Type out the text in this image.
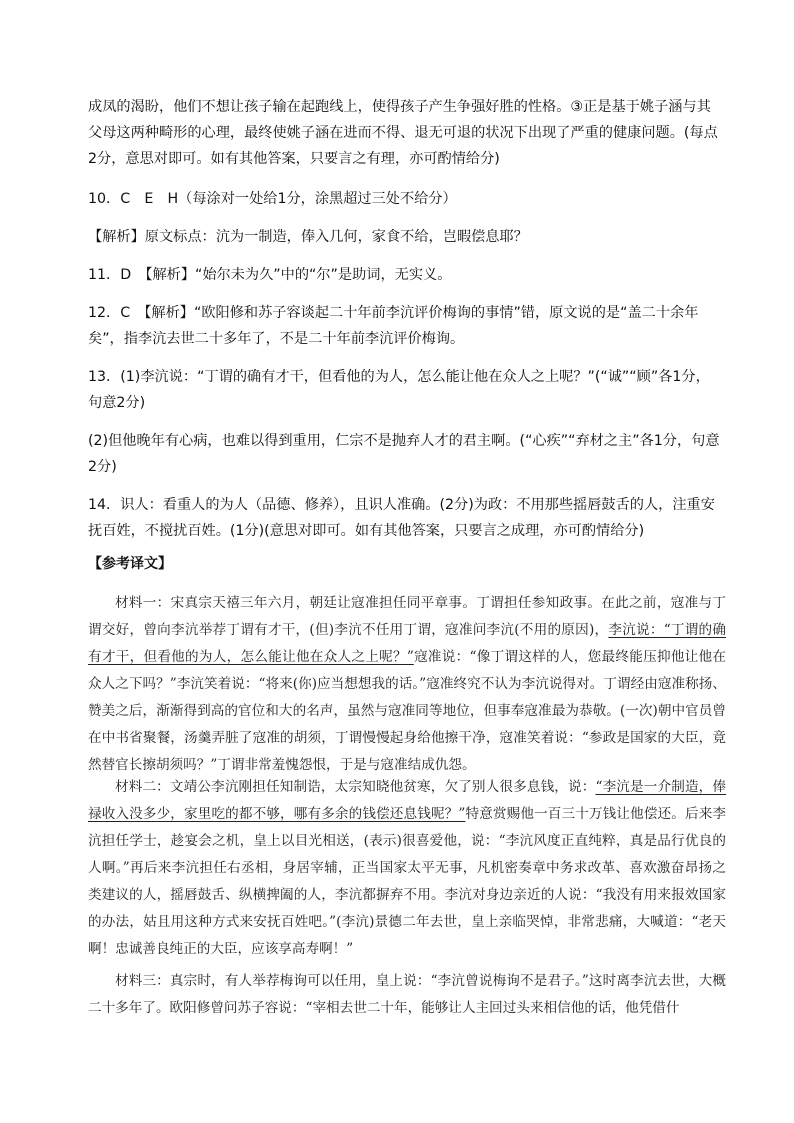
成凤的渴盼，他们不想让孩子输在起跑线上，使得孩子产生争强好胜的性格。③正是基于姚子涵与其父母这两种畸形的心理，最终使姚子涵在进而不得、退无可退的状况下出现了严重的健康问题。(每点2分，意思对即可。如有其他答案，只要言之有理，亦可酌情给分)

10．C　E　H（每涂对一处给1分，涂黑超过三处不给分）

【解析】原文标点：沆为一制造，俸入几何，家食不给，岂暇偿息耶？

11．D　【解析】“始尔未为久”中的“尔”是助词，无实义。

12．C　【解析】“欧阳修和苏子容谈起二十年前李沆评价梅询的事情”错，原文说的是“盖二十余年矣”，指李沆去世二十多年了，不是二十年前李沆评价梅询。

13．(1)李沆说：“丁谓的确有才干，但看他的为人，怎么能让他在众人之上呢？”(“诚”“顾”各1分，句意2分)

(2)但他晚年有心病，也难以得到重用，仁宗不是抛弃人才的君主啊。(“心疾”“弃材之主”各1分，句意2分)

14．识人：看重人的为人（品德、修养），且识人准确。(2分)为政：不用那些摇唇鼓舌的人，注重安抚百姓，不搅扰百姓。(1分)(意思对即可。如有其他答案，只要言之成理，亦可酌情给分)

【参考译文】

材料一：宋真宗天禧三年六月，朝廷让寇准担任同平章事。丁谓担任参知政事。在此之前，寇准与丁谓交好，曾向李沆举荐丁谓有才干，(但)李沆不任用丁谓，寇准问李沆(不用的原因)，李沆说：“丁谓的确有才干，但看他的为人，怎么能让他在众人之上呢？”寇准说：“像丁谓这样的人，您最终能压抑他让他在众人之下吗？”李沆笑着说：“将来(你)应当想想我的话。”寇准终究不认为李沆说得对。丁谓经由寇准称扬、赞美之后，渐渐得到高的官位和大的名声，虽然与寇准同等地位，但事奉寇准最为恭敬。(一次)朝中官员曾在中书省聚餐，汤羹弄脏了寇准的胡须，丁谓慢慢起身给他擦干净，寇准笑着说：“参政是国家的大臣，竟然替官长擦胡须吗？”丁谓非常羞愧怨恨，于是与寇准结成仇怨。

材料二：文靖公李沆刚担任知制诰，太宗知晓他贫寒，欠了别人很多息钱，说：“李沆是一介制造，俸禄收入没多少，家里吃的都不够，哪有多余的钱偿还息钱呢？”特意赏赐他一百三十万钱让他偿还。后来李沆担任学士，趁宴会之机，皇上以目光相送，(表示)很喜爱他，说：“李沆风度正直纯粹，真是品行优良的人啊。”再后来李沆担任右丞相，身居宰辅，正当国家太平无事，凡机密奏章中务求改革、喜欢激奋昂扬之类建议的人，摇唇鼓舌、纵横捭阖的人，李沆都摒弃不用。李沆对身边亲近的人说：“我没有用来报效国家的办法，姑且用这种方式来安抚百姓吧。”(李沆)景德二年去世，皇上亲临哭悼，非常悲痛，大喊道：“老天啊！忠诚善良纯正的大臣，应该享高寿啊！”

材料三：真宗时，有人举荐梅询可以任用，皇上说：“李沆曾说梅询不是君子。”这时离李沆去世，大概二十多年了。欧阳修曾问苏子容说：“宰相去世二十年，能够让人主回过头来相信他的话，他凭借什
